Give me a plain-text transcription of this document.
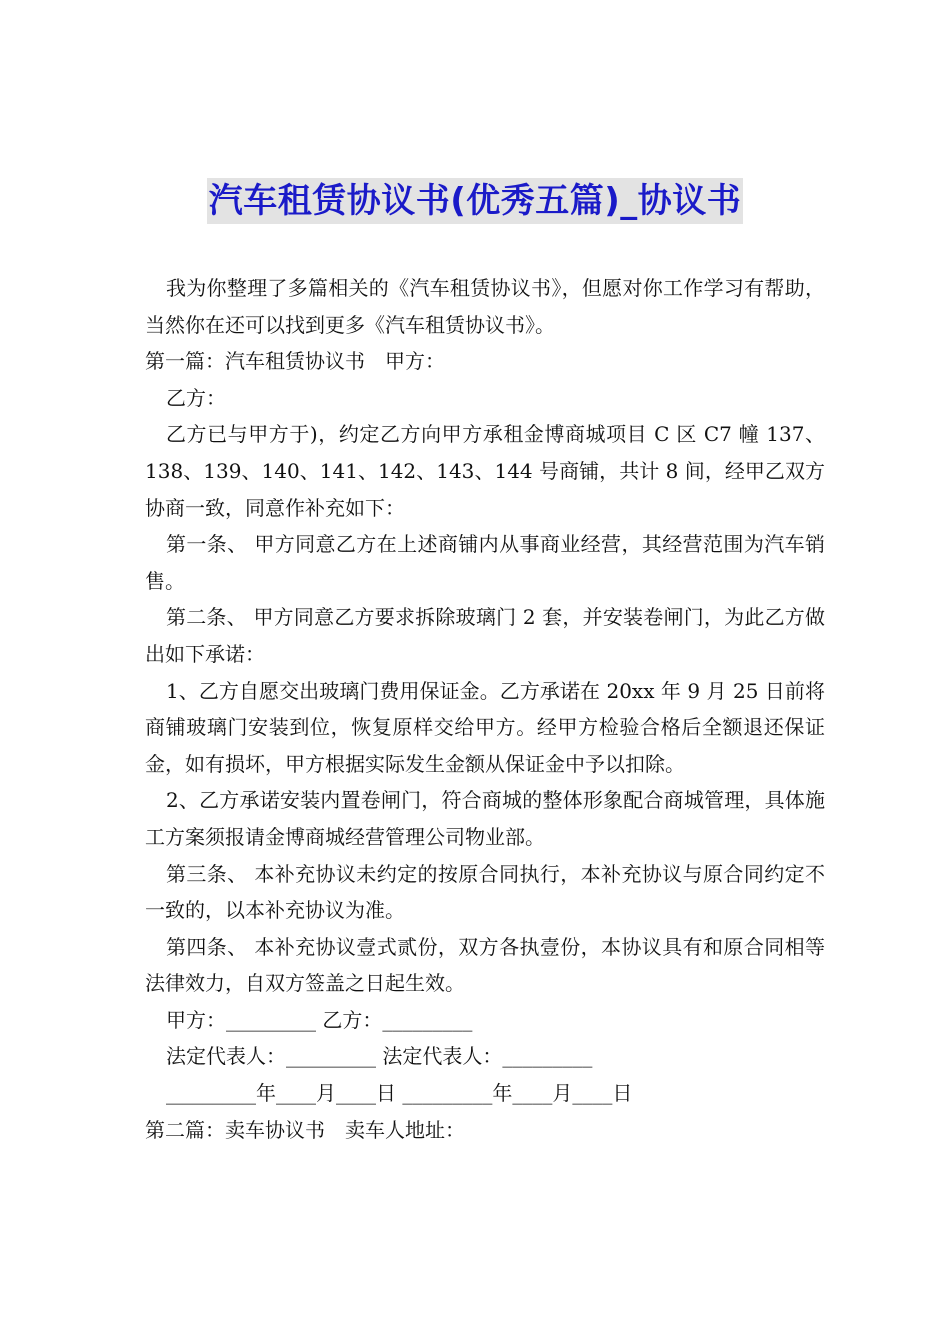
汽车租赁协议书(优秀五篇)_协议书

我为你整理了多篇相关的《汽车租赁协议书》，但愿对你工作学习有帮助，当然你在还可以找到更多《汽车租赁协议书》。

第一篇：汽车租赁协议书　甲方：

乙方：

乙方已与甲方于)，约定乙方向甲方承租金博商城项目 C 区 C7 幢 137、138、139、140、141、142、143、144 号商铺，共计 8 间，经甲乙双方协商一致，同意作补充如下：

第一条、 甲方同意乙方在上述商铺内从事商业经营，其经营范围为汽车销售。

第二条、 甲方同意乙方要求拆除玻璃门 2 套，并安装卷闸门，为此乙方做出如下承诺：

1、乙方自愿交出玻璃门费用保证金。乙方承诺在 20xx 年 9 月 25 日前将商铺玻璃门安装到位，恢复原样交给甲方。经甲方检验合格后全额退还保证金，如有损坏，甲方根据实际发生金额从保证金中予以扣除。

2、乙方承诺安装内置卷闸门，符合商城的整体形象配合商城管理，具体施工方案须报请金博商城经营管理公司物业部。

第三条、 本补充协议未约定的按原合同执行，本补充协议与原合同约定不一致的，以本补充协议为准。

第四条、 本补充协议壹式贰份，双方各执壹份，本协议具有和原合同相等法律效力，自双方签盖之日起生效。

甲方：_________ 乙方：_________

法定代表人：_________ 法定代表人：_________

_________年____月____日 _________年____月____日

第二篇：卖车协议书　卖车人地址：
